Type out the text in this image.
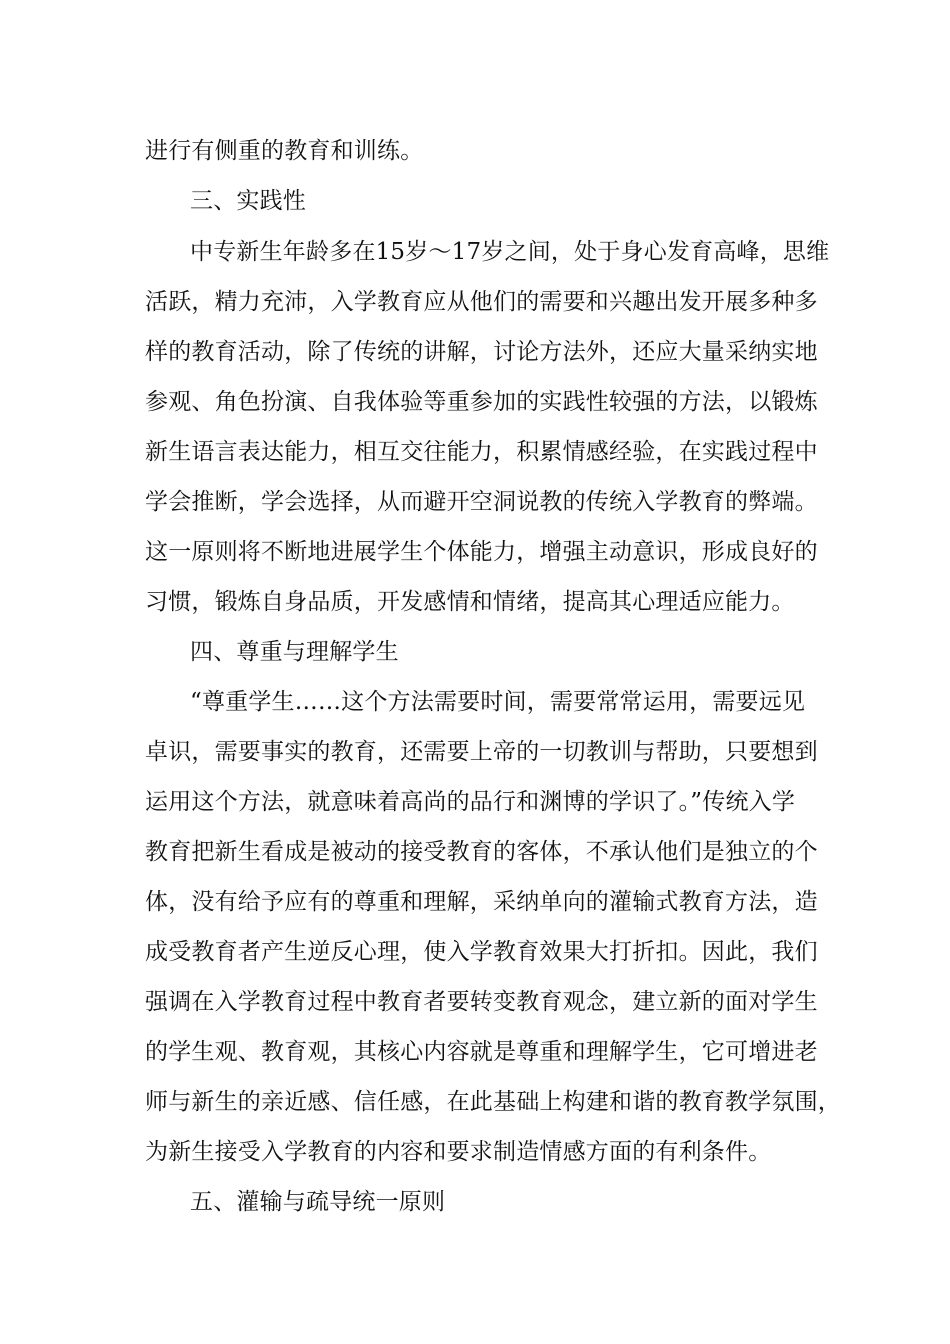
进行有侧重的教育和训练。
三、实践性
中专新生年龄多在15岁～17岁之间，处于身心发育高峰，思维
活跃，精力充沛，入学教育应从他们的需要和兴趣出发开展多种多
样的教育活动，除了传统的讲解，讨论方法外，还应大量采纳实地
参观、角色扮演、自我体验等重参加的实践性较强的方法，以锻炼
新生语言表达能力，相互交往能力，积累情感经验，在实践过程中
学会推断，学会选择，从而避开空洞说教的传统入学教育的弊端。
这一原则将不断地进展学生个体能力，增强主动意识，形成良好的
习惯，锻炼自身品质，开发感情和情绪，提高其心理适应能力。
四、尊重与理解学生
“尊重学生……这个方法需要时间，需要常常运用，需要远见
卓识，需要事实的教育，还需要上帝的一切教训与帮助，只要想到
运用这个方法，就意味着高尚的品行和渊博的学识了。”传统入学
教育把新生看成是被动的接受教育的客体，不承认他们是独立的个
体，没有给予应有的尊重和理解，采纳单向的灌输式教育方法，造
成受教育者产生逆反心理，使入学教育效果大打折扣。因此，我们
强调在入学教育过程中教育者要转变教育观念，建立新的面对学生
的学生观、教育观，其核心内容就是尊重和理解学生，它可增进老
师与新生的亲近感、信任感，在此基础上构建和谐的教育教学氛围，
为新生接受入学教育的内容和要求制造情感方面的有利条件。
五、灌输与疏导统一原则
